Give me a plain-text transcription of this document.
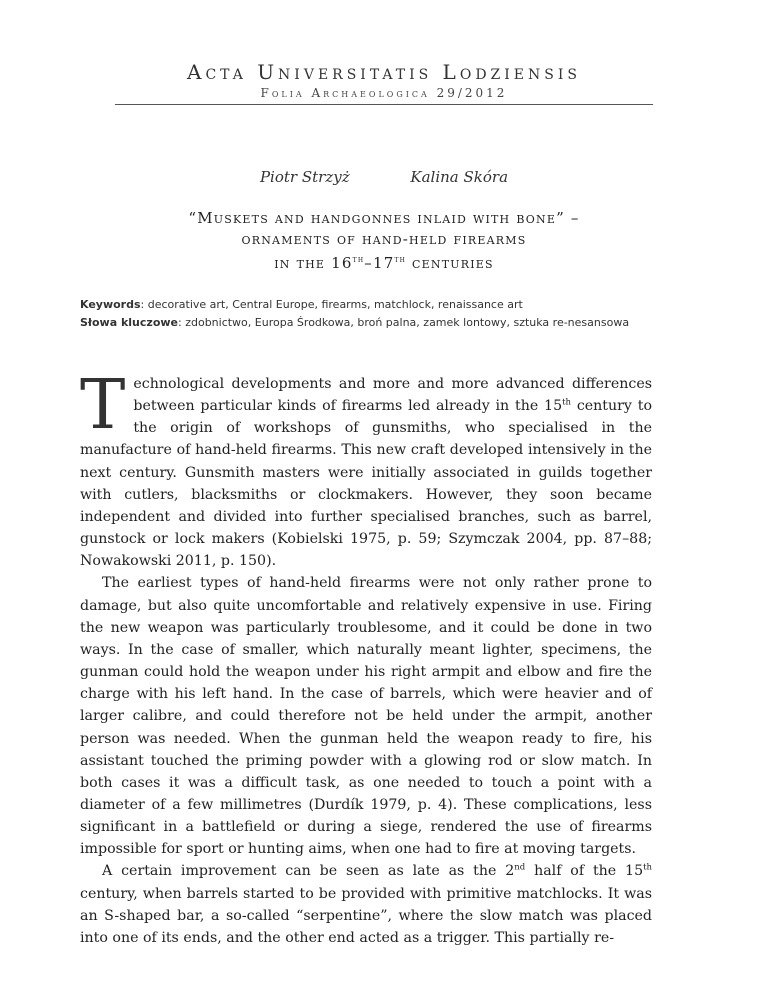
Acta Universitatis Lodziensis
Folia Archaeologica 29/2012
Piotr Strzyż	Kalina Skóra
“Muskets and handgonnes inlaid with bone” –
ornaments of hand-held firearms
in the 16th–17th centuries
Keywords: decorative art, Central Europe, firearms, matchlock, renaissance art
Słowa kluczowe: zdobnictwo, Europa Środkowa, broń palna, zamek lontowy, sztuka re-nesansowa

Technological developments and more and more advanced differences between particular kinds of firearms led already in the 15th century to the origin of workshops of gunsmiths, who specialised in the manufacture of hand-held firearms. This new craft developed intensively in the next century. Gunsmith masters were initially associated in guilds together with cutlers, blacksmiths or clockmakers. However, they soon became independent and divided into further specialised branches, such as barrel, gunstock or lock makers (Kobielski 1975, p. 59; Szymczak 2004, pp. 87–88; Nowakowski 2011, p. 150).

The earliest types of hand-held firearms were not only rather prone to damage, but also quite uncomfortable and relatively expensive in use. Firing the new weapon was particularly troublesome, and it could be done in two ways. In the case of smaller, which naturally meant lighter, specimens, the gunman could hold the weapon under his right armpit and elbow and fire the charge with his left hand. In the case of barrels, which were heavier and of larger calibre, and could therefore not be held under the armpit, another person was needed. When the gunman held the weapon ready to fire, his assistant touched the priming powder with a glowing rod or slow match. In both cases it was a difficult task, as one needed to touch a point with a diameter of a few millimetres (Durdík 1979, p. 4). These complications, less significant in a battlefield or during a siege, rendered the use of firearms impossible for sport or hunting aims, when one had to fire at moving targets.

A certain improvement can be seen as late as the 2nd half of the 15th century, when barrels started to be provided with primitive matchlocks. It was an S-shaped bar, a so-called “serpentine”, where the slow match was placed into one of its ends, and the other end acted as a trigger. This partially re-
